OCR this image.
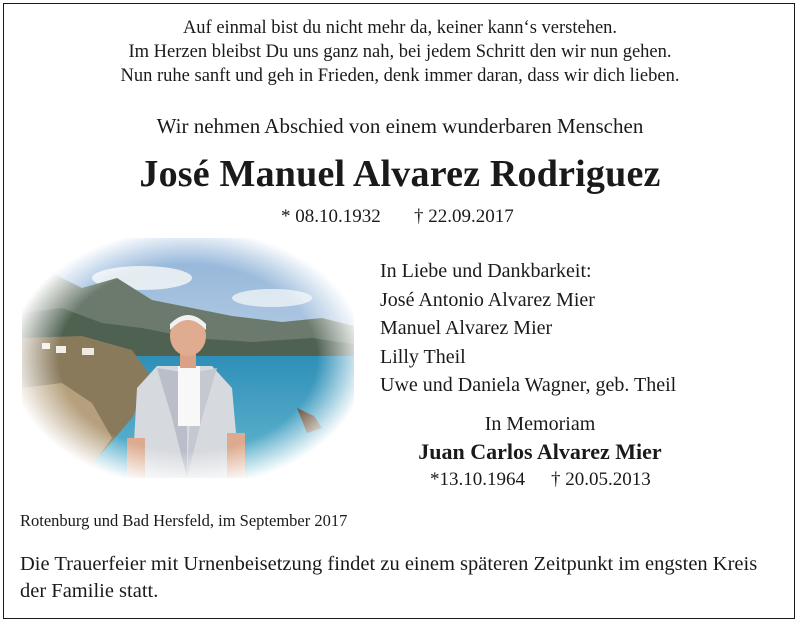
Auf einmal bist du nicht mehr da, keiner kann‘s verstehen.
Im Herzen bleibst Du uns ganz nah, bei jedem Schritt den wir nun gehen.
Nun ruhe sanft und geh in Frieden, denk immer daran, dass wir dich lieben.
Wir nehmen Abschied von einem wunderbaren Menschen
José Manuel Alvarez Rodriguez
* 08.10.1932 † 22.09.2017
In Liebe und Dankbarkeit:
José Antonio Alvarez Mier
Manuel Alvarez Mier
Lilly Theil
Uwe und Daniela Wagner, geb. Theil
In Memoriam
Juan Carlos Alvarez Mier
*13.10.1964 † 20.05.2013
Rotenburg und Bad Hersfeld, im September 2017
Die Trauerfeier mit Urnenbeisetzung findet zu einem späteren Zeitpunkt im engsten Kreis der Familie statt.
